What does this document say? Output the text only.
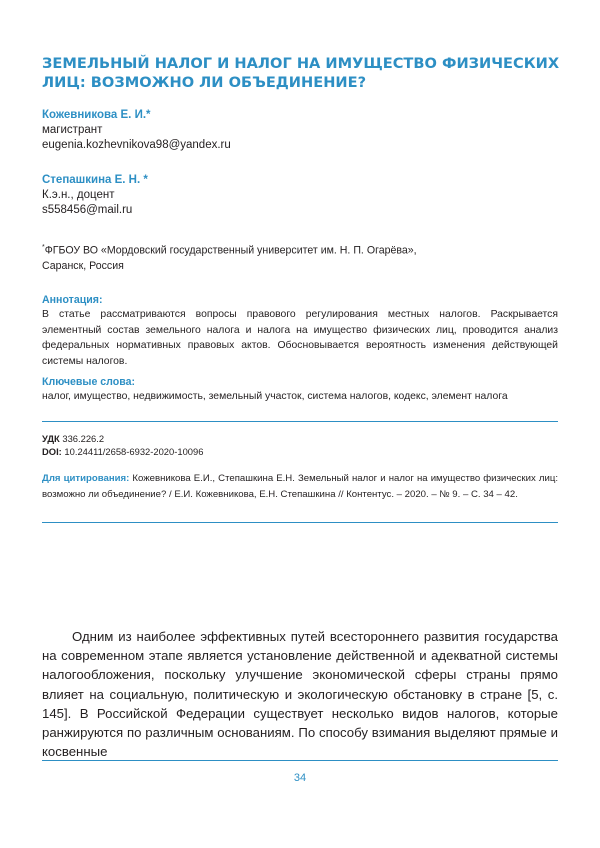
ЗЕМЕЛЬНЫЙ НАЛОГ И НАЛОГ НА ИМУЩЕСТВО ФИЗИЧЕСКИХ ЛИЦ: ВОЗМОЖНО ЛИ ОБЪЕДИНЕНИЕ?
Кожевникова Е. И.*
магистрант
eugenia.kozhevnikova98@yandex.ru
Степашкина Е. Н. *
К.э.н., доцент
s558456@mail.ru
*ФГБОУ ВО «Мордовский государственный университет им. Н. П. Огарёва»,
Саранск, Россия
Аннотация:

В статье рассматриваются вопросы правового регулирования местных налогов. Раскрывается элементный состав земельного налога и налога на имущество физических лиц, проводится анализ федеральных нормативных правовых актов. Обосновывается вероятность изменения действующей системы налогов.

Ключевые слова:

налог, имущество, недвижимость, земельный участок, система налогов, кодекс, элемент налога

УДК 336.226.2
DOI: 10.24411/2658-6932-2020-10096
Для цитирования: Кожевникова Е.И., Степашкина Е.Н. Земельный налог и налог на имущество физических лиц: возможно ли объединение? / Е.И. Кожевникова, Е.Н. Степашкина // Контентус. – 2020. – № 9. – С. 34 – 42.

Одним из наиболее эффективных путей всестороннего развития государства на современном этапе является установление действенной и адекватной системы налогообложения, поскольку улучшение экономической сферы страны прямо влияет на социальную, политическую и экологическую обстановку в стране [5, с. 145]. В Российской Федерации существует несколько видов налогов, которые ранжируются по различным основаниям. По способу взимания выделяют прямые и косвенные

34
